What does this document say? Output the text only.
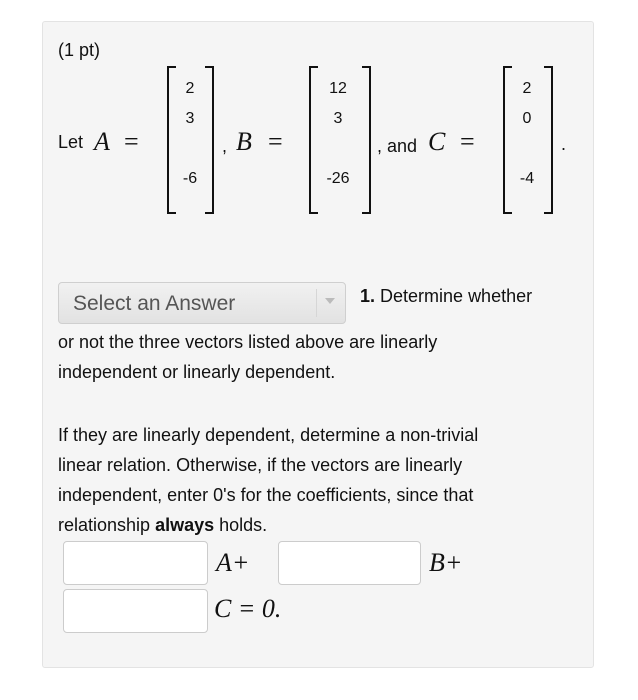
(1 pt)
Let A =
2
3
-6
, B =
12
3
-26
, and C =
2
0
-4
.
Select an Answer	1. Determine whether
or not the three vectors listed above are linearly
independent or linearly dependent.
If they are linearly dependent, determine a non-trivial
linear relation. Otherwise, if the vectors are linearly
independent, enter 0's for the coefficients, since that
relationship always holds.
A+	B+
C = 0.
